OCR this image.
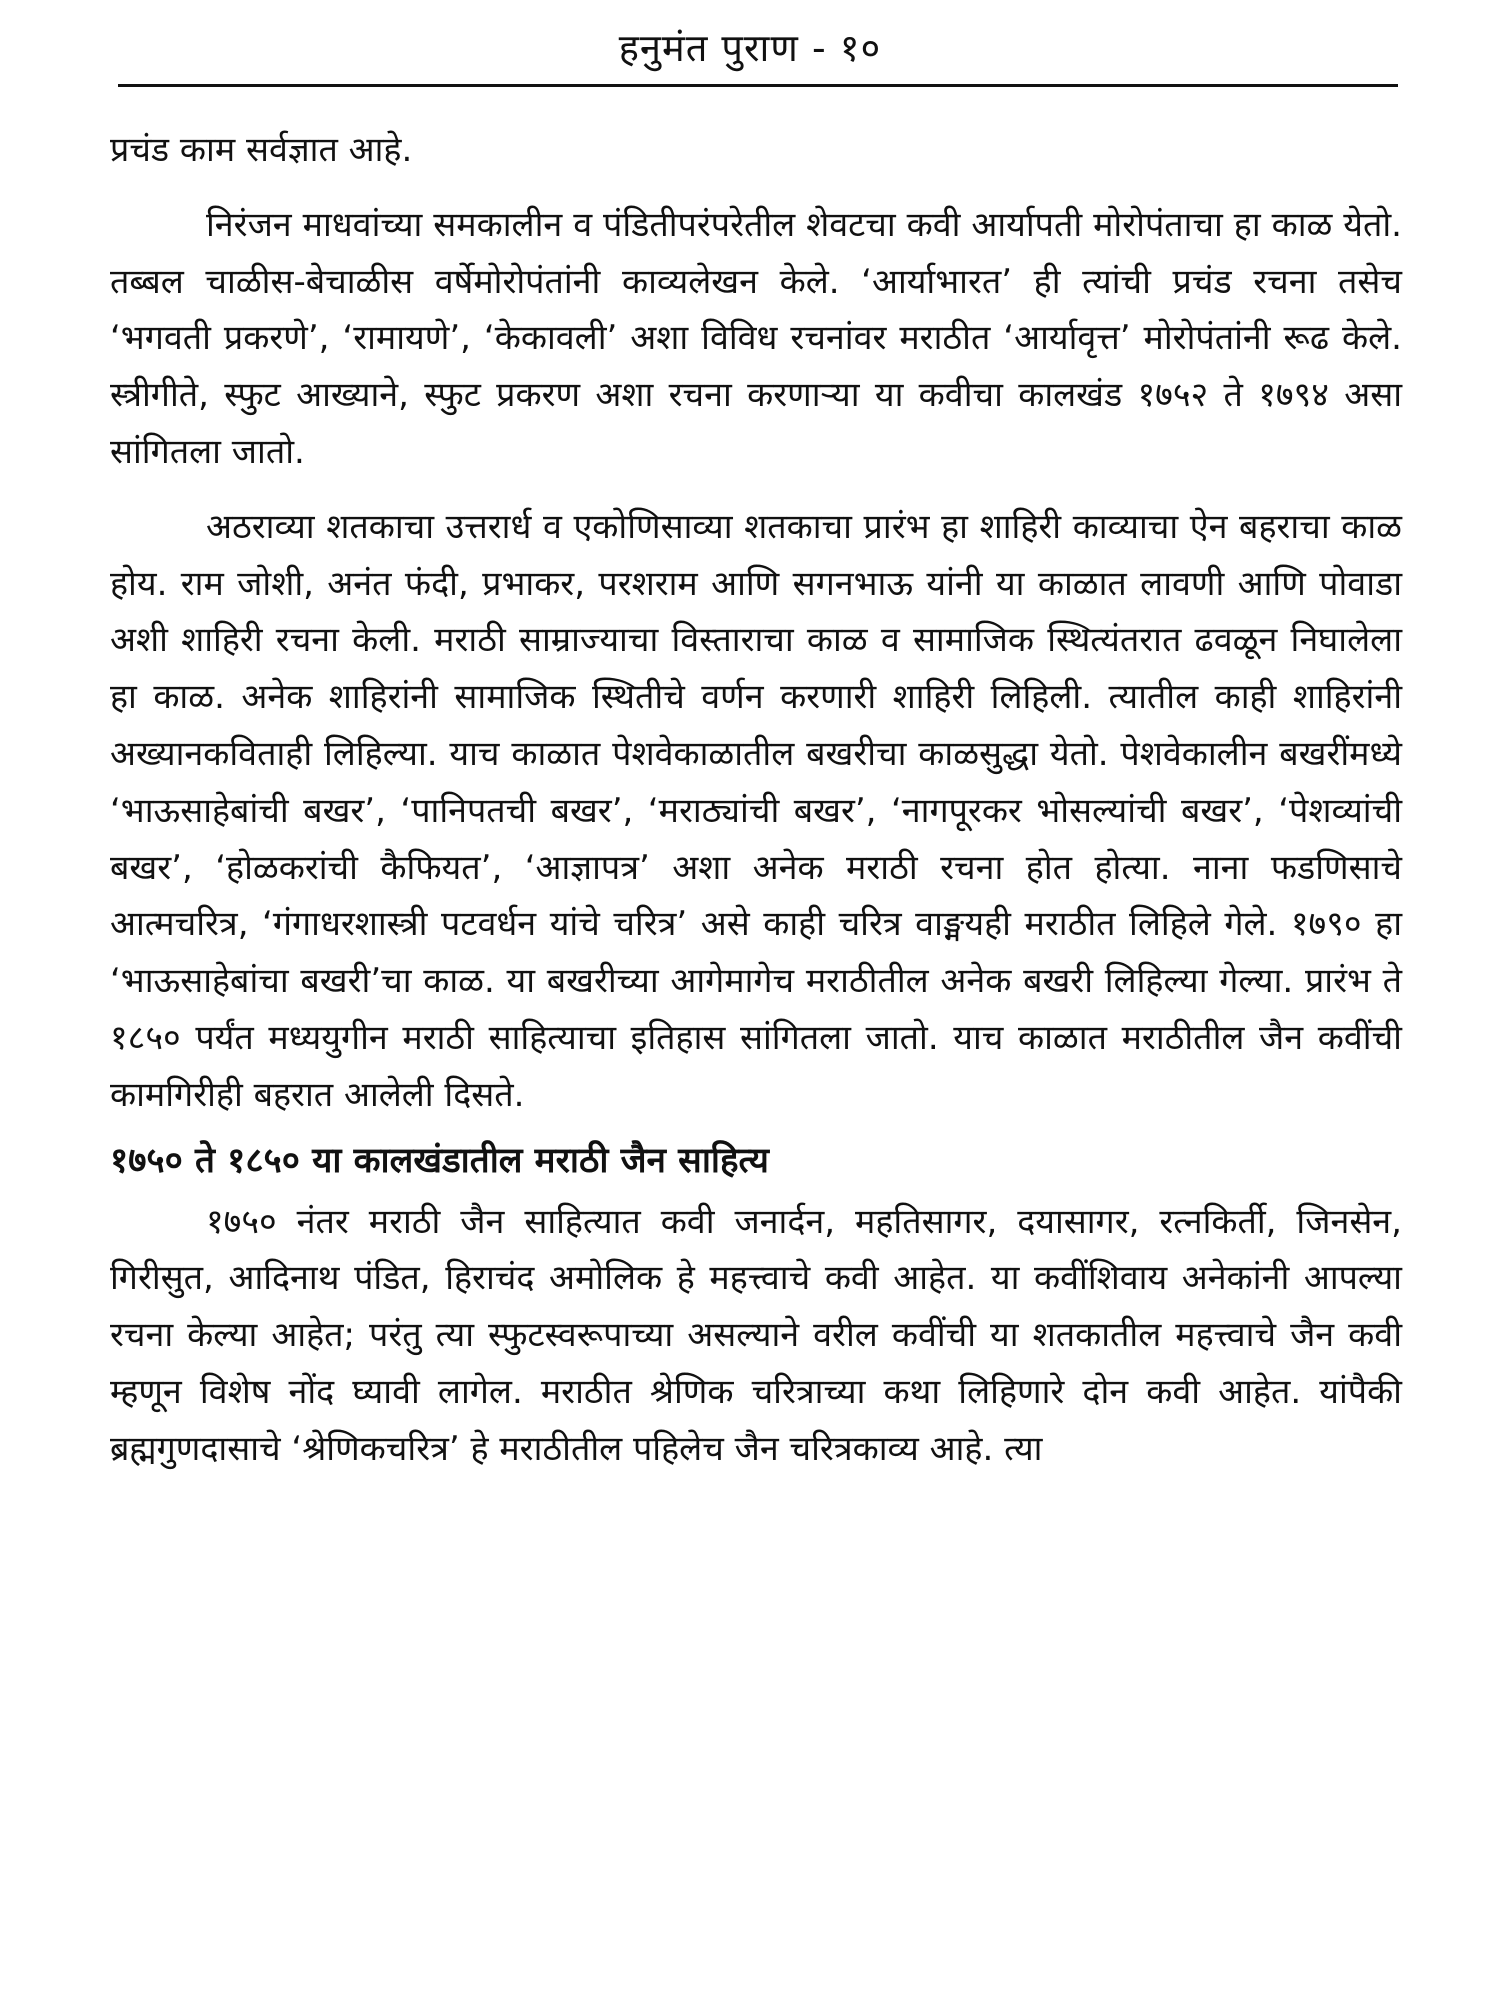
हनुमंत पुराण - १०

प्रचंड काम सर्वज्ञात आहे.

निरंजन माधवांच्या समकालीन व पंडितीपरंपरेतील शेवटचा कवी आर्यापती मोरोपंताचा हा काळ येतो. तब्बल चाळीस-बेचाळीस वर्षेमोरोपंतांनी काव्यलेखन केले. ‘आर्याभारत’ ही त्यांची प्रचंड रचना तसेच ‘भगवती प्रकरणे’, ‘रामायणे’, ‘केकावली’ अशा विविध रचनांवर मराठीत ‘आर्यावृत्त’ मोरोपंतांनी रूढ केले. स्त्रीगीते, स्फुट आख्याने, स्फुट प्रकरण अशा रचना करणाऱ्या या कवीचा कालखंड १७५२ ते १७९४ असा सांगितला जातो.

अठराव्या शतकाचा उत्तरार्ध व एकोणिसाव्या शतकाचा प्रारंभ हा शाहिरी काव्याचा ऐन बहराचा काळ होय. राम जोशी, अनंत फंदी, प्रभाकर, परशराम आणि सगनभाऊ यांनी या काळात लावणी आणि पोवाडा अशी शाहिरी रचना केली. मराठी साम्राज्याचा विस्ताराचा काळ व सामाजिक स्थित्यंतरात ढवळून निघालेला हा काळ. अनेक शाहिरांनी सामाजिक स्थितीचे वर्णन करणारी शाहिरी लिहिली. त्यातील काही शाहिरांनी अख्यानकविताही लिहिल्या. याच काळात पेशवेकाळातील बखरीचा काळसुद्धा येतो. पेशवेकालीन बखरींमध्ये ‘भाऊसाहेबांची बखर’, ‘पानिपतची बखर’, ‘मराठ्यांची बखर’, ‘नागपूरकर भोसल्यांची बखर’, ‘पेशव्यांची बखर’, ‘होळकरांची कैफियत’, ‘आज्ञापत्र’ अशा अनेक मराठी रचना होत होत्या. नाना फडणिसाचे आत्मचरित्र, ‘गंगाधरशास्त्री पटवर्धन यांचे चरित्र’ असे काही चरित्र वाङ्मयही मराठीत लिहिले गेले. १७९० हा ‘भाऊसाहेबांचा बखरी’चा काळ. या बखरीच्या आगेमागेच मराठीतील अनेक बखरी लिहिल्या गेल्या. प्रारंभ ते १८५० पर्यंत मध्ययुगीन मराठी साहित्याचा इतिहास सांगितला जातो. याच काळात मराठीतील जैन कवींची कामगिरीही बहरात आलेली दिसते.

१७५० ते १८५० या कालखंडातील मराठी जैन साहित्य

१७५० नंतर मराठी जैन साहित्यात कवी जनार्दन, महतिसागर, दयासागर, रत्नकिर्ती, जिनसेन, गिरीसुत, आदिनाथ पंडित, हिराचंद अमोलिक हे महत्त्वाचे कवी आहेत. या कवींशिवाय अनेकांनी आपल्या रचना केल्या आहेत; परंतु त्या स्फुटस्वरूपाच्या असल्याने वरील कवींची या शतकातील महत्त्वाचे जैन कवी म्हणून विशेष नोंद घ्यावी लागेल. मराठीत श्रेणिक चरित्राच्या कथा लिहिणारे दोन कवी आहेत. यांपैकी ब्रह्मगुणदासाचे ‘श्रेणिकचरित्र’ हे मराठीतील पहिलेच जैन चरित्रकाव्य आहे. त्या
